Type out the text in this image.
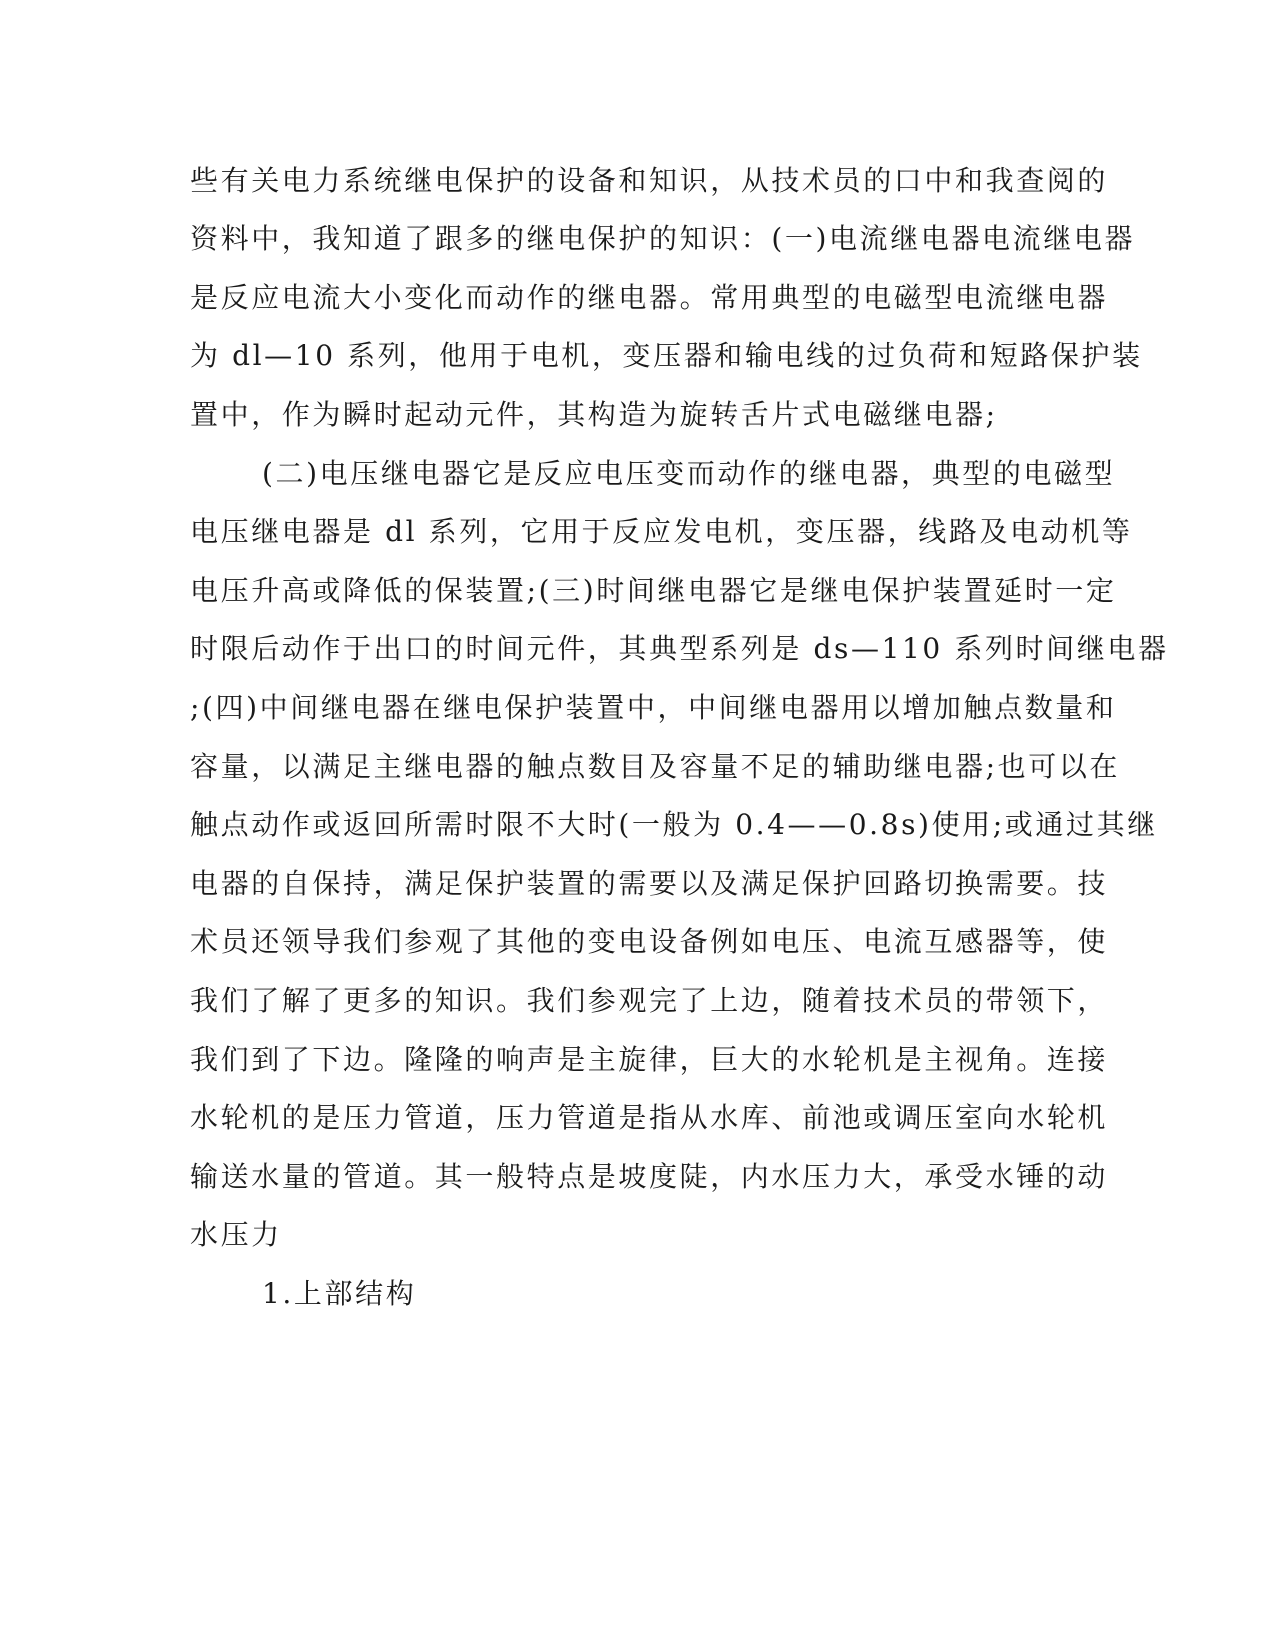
些有关电力系统继电保护的设备和知识，从技术员的口中和我查阅的

资料中，我知道了跟多的继电保护的知识：(一)电流继电器电流继电器

是反应电流大小变化而动作的继电器。常用典型的电磁型电流继电器

为 dl—10 系列，他用于电机，变压器和输电线的过负荷和短路保护装

置中，作为瞬时起动元件，其构造为旋转舌片式电磁继电器;

(二)电压继电器它是反应电压变而动作的继电器，典型的电磁型

电压继电器是 dl 系列，它用于反应发电机，变压器，线路及电动机等

电压升高或降低的保装置;(三)时间继电器它是继电保护装置延时一定

时限后动作于出口的时间元件，其典型系列是 ds—110 系列时间继电器

;(四)中间继电器在继电保护装置中，中间继电器用以增加触点数量和

容量，以满足主继电器的触点数目及容量不足的辅助继电器;也可以在

触点动作或返回所需时限不大时(一般为 0.4——0.8s)使用;或通过其继

电器的自保持，满足保护装置的需要以及满足保护回路切换需要。技

术员还领导我们参观了其他的变电设备例如电压、电流互感器等，使

我们了解了更多的知识。我们参观完了上边，随着技术员的带领下，

我们到了下边。隆隆的响声是主旋律，巨大的水轮机是主视角。连接

水轮机的是压力管道，压力管道是指从水库、前池或调压室向水轮机

输送水量的管道。其一般特点是坡度陡，内水压力大，承受水锤的动

水压力

1.上部结构
